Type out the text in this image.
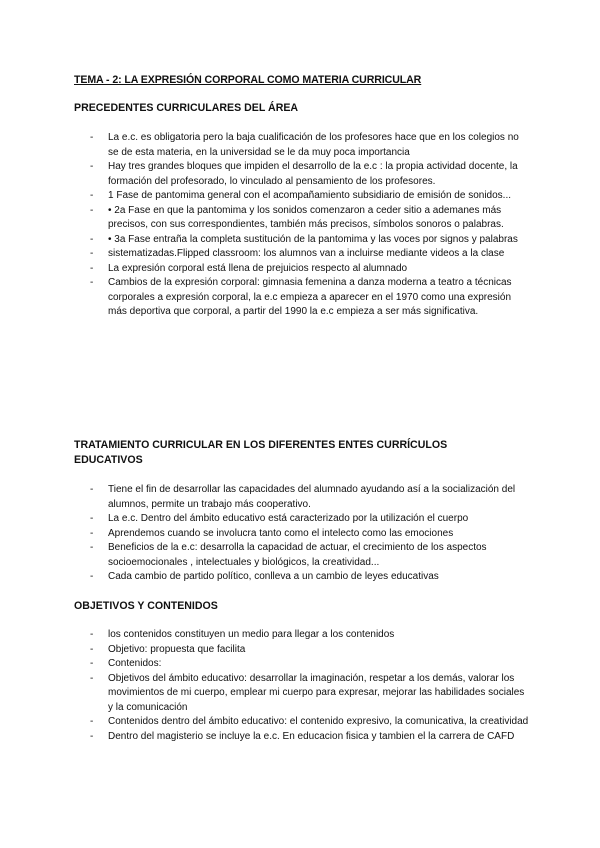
TEMA - 2: LA EXPRESIÓN CORPORAL COMO MATERIA CURRICULAR
PRECEDENTES CURRICULARES DEL ÁREA
- La e.c. es obligatoria pero la baja cualificación de los profesores hace que en los colegios no se de esta materia, en la universidad se le da muy poca importancia
- Hay tres grandes bloques que impiden el desarrollo de la e.c : la propia actividad docente, la formación del profesorado, lo vinculado al pensamiento de los profesores.
- 1 Fase de pantomima general con el acompañamiento subsidiario de emisión de sonidos...
- • 2a Fase en que la pantomima y los sonidos comenzaron a ceder sitio a ademanes más precisos, con sus correspondientes, también más precisos, símbolos sonoros o palabras.
- • 3a Fase entraña la completa sustitución de la pantomima y las voces por signos y palabras
- sistematizadas.Flipped classroom: los alumnos van a incluirse mediante videos a la clase
- La expresión corporal está llena de prejuicios respecto al alumnado
- Cambios de la expresión corporal: gimnasia femenina a danza moderna a teatro a técnicas corporales a expresión corporal, la e.c empieza a aparecer en el 1970 como una expresión más deportiva que corporal, a partir del 1990 la e.c empieza a ser más significativa.
TRATAMIENTO CURRICULAR EN LOS DIFERENTES ENTES CURRÍCULOS EDUCATIVOS
- Tiene el fin de desarrollar las capacidades del alumnado ayudando así a la socialización del alumnos, permite un trabajo más cooperativo.
- La e.c. Dentro del ámbito educativo está caracterizado por la utilización el cuerpo
- Aprendemos cuando se involucra tanto como el intelecto como las emociones
- Beneficios de la e.c: desarrolla la capacidad de actuar, el crecimiento de los aspectos socioemocionales , intelectuales y biológicos, la creatividad...
- Cada cambio de partido político, conlleva a un cambio de leyes educativas
OBJETIVOS Y CONTENIDOS
- los contenidos constituyen un medio para llegar a los contenidos
- Objetivo: propuesta que facilita
- Contenidos:
- Objetivos del ámbito educativo: desarrollar la imaginación, respetar a los demás, valorar los movimientos de mi cuerpo, emplear mi cuerpo para expresar, mejorar las habilidades sociales y la comunicación
- Contenidos dentro del ámbito educativo: el contenido expresivo, la comunicativa, la creatividad
- Dentro del magisterio se incluye la e.c. En educacion fisica y tambien el la carrera de CAFD
